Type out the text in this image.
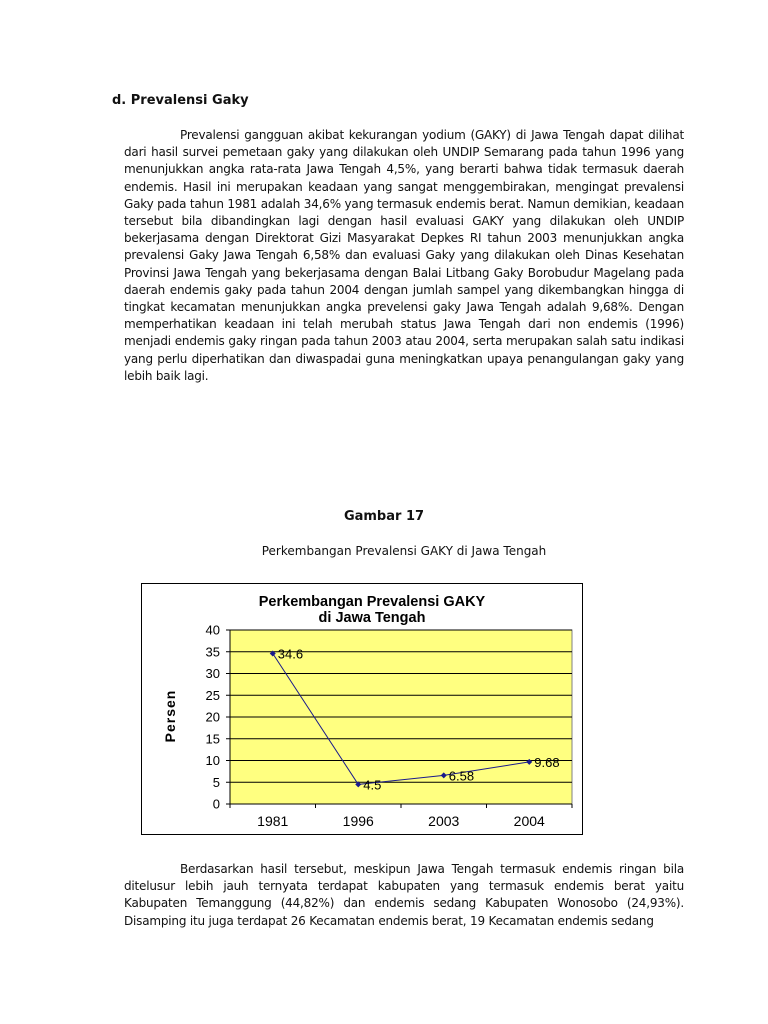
d. Prevalensi Gaky
Prevalensi gangguan akibat kekurangan yodium (GAKY) di Jawa Tengah dapat dilihat dari hasil survei pemetaan gaky yang dilakukan oleh UNDIP Semarang pada tahun 1996 yang menunjukkan angka rata-rata Jawa Tengah 4,5%, yang berarti bahwa tidak termasuk daerah endemis. Hasil ini merupakan keadaan yang sangat menggembirakan, mengingat prevalensi Gaky pada tahun 1981 adalah 34,6% yang termasuk endemis berat. Namun demikian, keadaan tersebut bila dibandingkan lagi dengan hasil evaluasi GAKY yang dilakukan oleh UNDIP bekerjasama dengan Direktorat Gizi Masyarakat Depkes RI tahun 2003 menunjukkan angka prevalensi Gaky Jawa Tengah 6,58% dan evaluasi Gaky yang dilakukan oleh Dinas Kesehatan Provinsi Jawa Tengah yang bekerjasama dengan Balai Litbang Gaky Borobudur Magelang pada daerah endemis gaky pada tahun 2004 dengan jumlah sampel yang dikembangkan hingga di tingkat kecamatan menunjukkan angka prevelensi gaky Jawa Tengah adalah 9,68%. Dengan memperhatikan keadaan ini telah merubah status Jawa Tengah dari non endemis (1996) menjadi endemis gaky ringan pada tahun 2003 atau 2004, serta merupakan salah satu indikasi yang perlu diperhatikan dan diwaspadai guna meningkatkan upaya penangulangan gaky yang lebih baik lagi.
Gambar 17
Perkembangan Prevalensi GAKY di Jawa Tengah
Perkembangan Prevalensi GAKY
di Jawa Tengah
Persen
0
5
10
15
20
25
30
35
40
1981	1996	2003	2004
34.6
4.5
6.58
9.68
Berdasarkan hasil tersebut, meskipun Jawa Tengah termasuk endemis ringan bila ditelusur lebih jauh ternyata terdapat kabupaten yang termasuk endemis berat yaitu Kabupaten Temanggung (44,82%) dan endemis sedang Kabupaten Wonosobo (24,93%). Disamping itu juga terdapat 26 Kecamatan endemis berat, 19 Kecamatan endemis sedang
